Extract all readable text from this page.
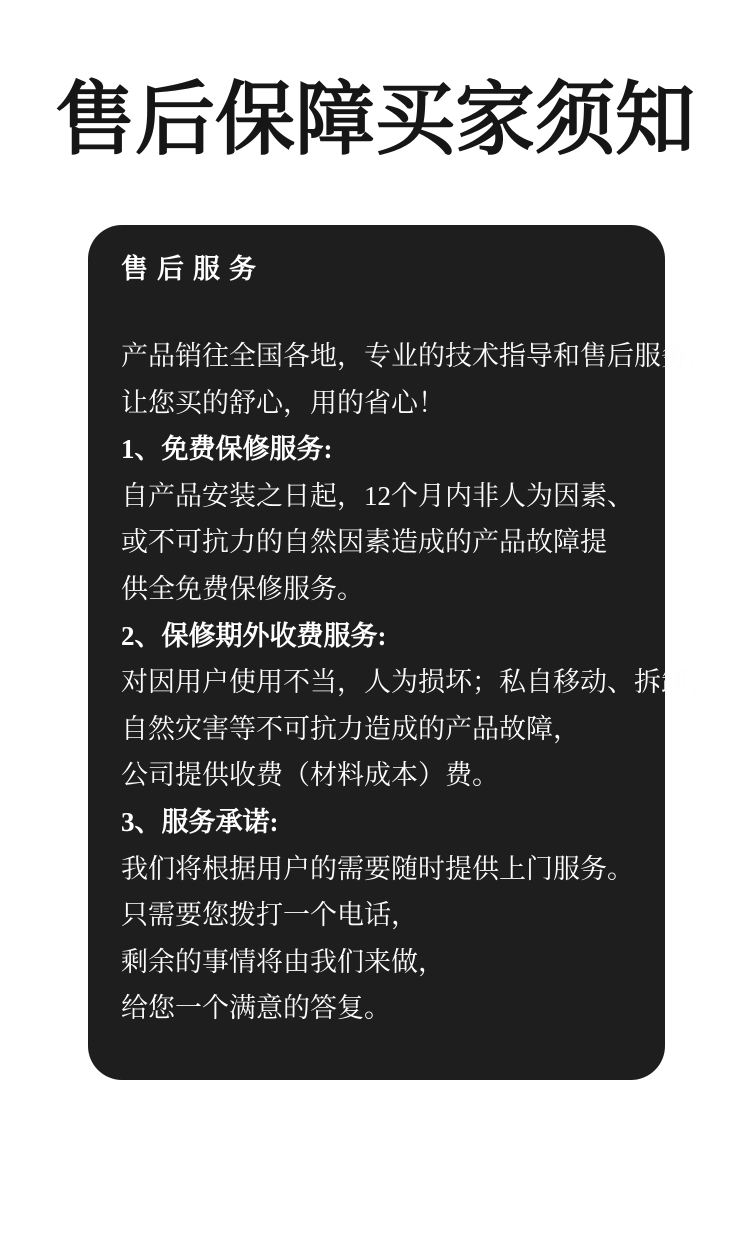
售后保障买家须知
售后服务

产品销往全国各地，专业的技术指导和售后服务，

让您买的舒心，用的省心！

1、免费保修服务:

自产品安装之日起，12个月内非人为因素、

或不可抗力的自然因素造成的产品故障提

供全免费保修服务。

2、保修期外收费服务:

对因用户使用不当，人为损坏；私自移动、拆卸；

自然灾害等不可抗力造成的产品故障，

公司提供收费（材料成本）费。

3、服务承诺:

我们将根据用户的需要随时提供上门服务。

只需要您拨打一个电话，

剩余的事情将由我们来做，

给您一个满意的答复。
